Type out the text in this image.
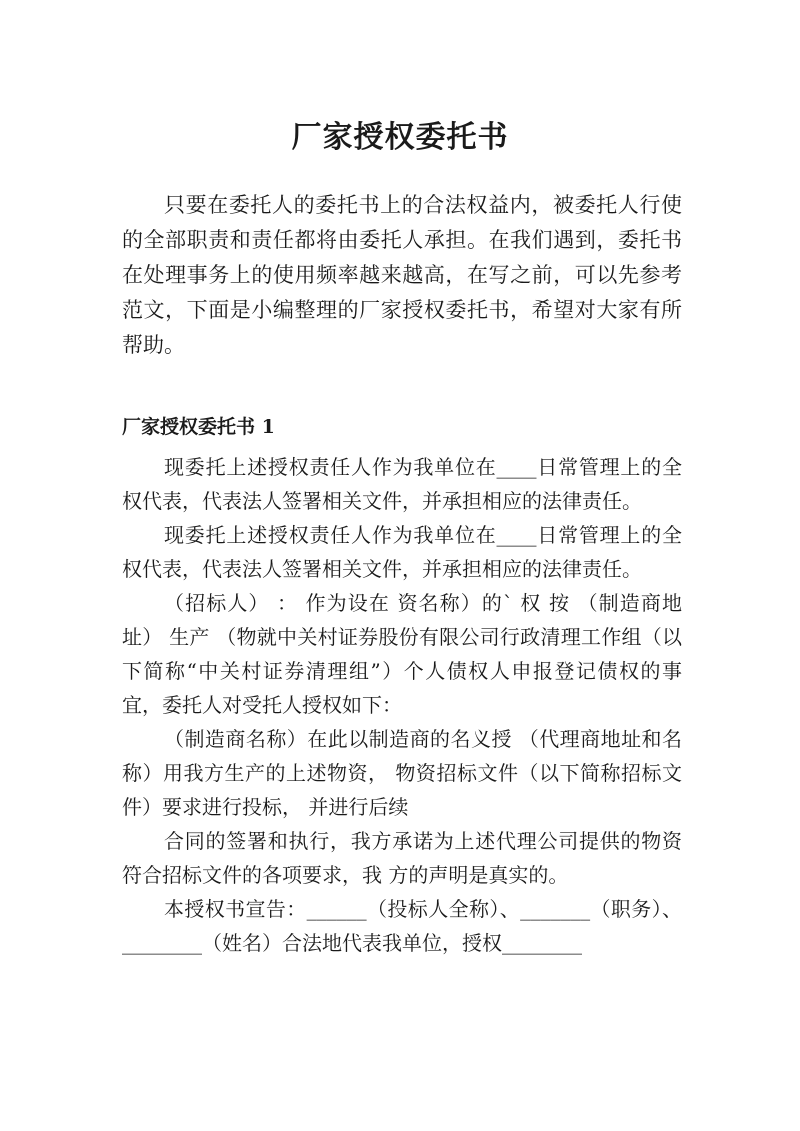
厂家授权委托书

只要在委托人的委托书上的合法权益内，被委托人行使的全部职责和责任都将由委托人承担。在我们遇到，委托书在处理事务上的使用频率越来越高，在写之前，可以先参考范文，下面是小编整理的厂家授权委托书，希望对大家有所帮助。

厂家授权委托书 1

现委托上述授权责任人作为我单位在____日常管理上的全权代表，代表法人签署相关文件，并承担相应的法律责任。

现委托上述授权责任人作为我单位在____日常管理上的全权代表，代表法人签署相关文件，并承担相应的法律责任。

（招标人） ： 作为设在 资名称）的` 权 按 （制造商地址） 生产 （物就中关村证券股份有限公司行政清理工作组（以下简称“中关村证券清理组”）个人债权人申报登记债权的事宜，委托人对受托人授权如下：

（制造商名称）在此以制造商的名义授 （代理商地址和名称）用我方生产的上述物资， 物资招标文件（以下简称招标文件）要求进行投标， 并进行后续

合同的签署和执行，我方承诺为上述代理公司提供的物资符合招标文件的各项要求，我 方的声明是真实的。

本授权书宣告：______（投标人全称）、_______（职务）、________（姓名）合法地代表我单位，授权________
